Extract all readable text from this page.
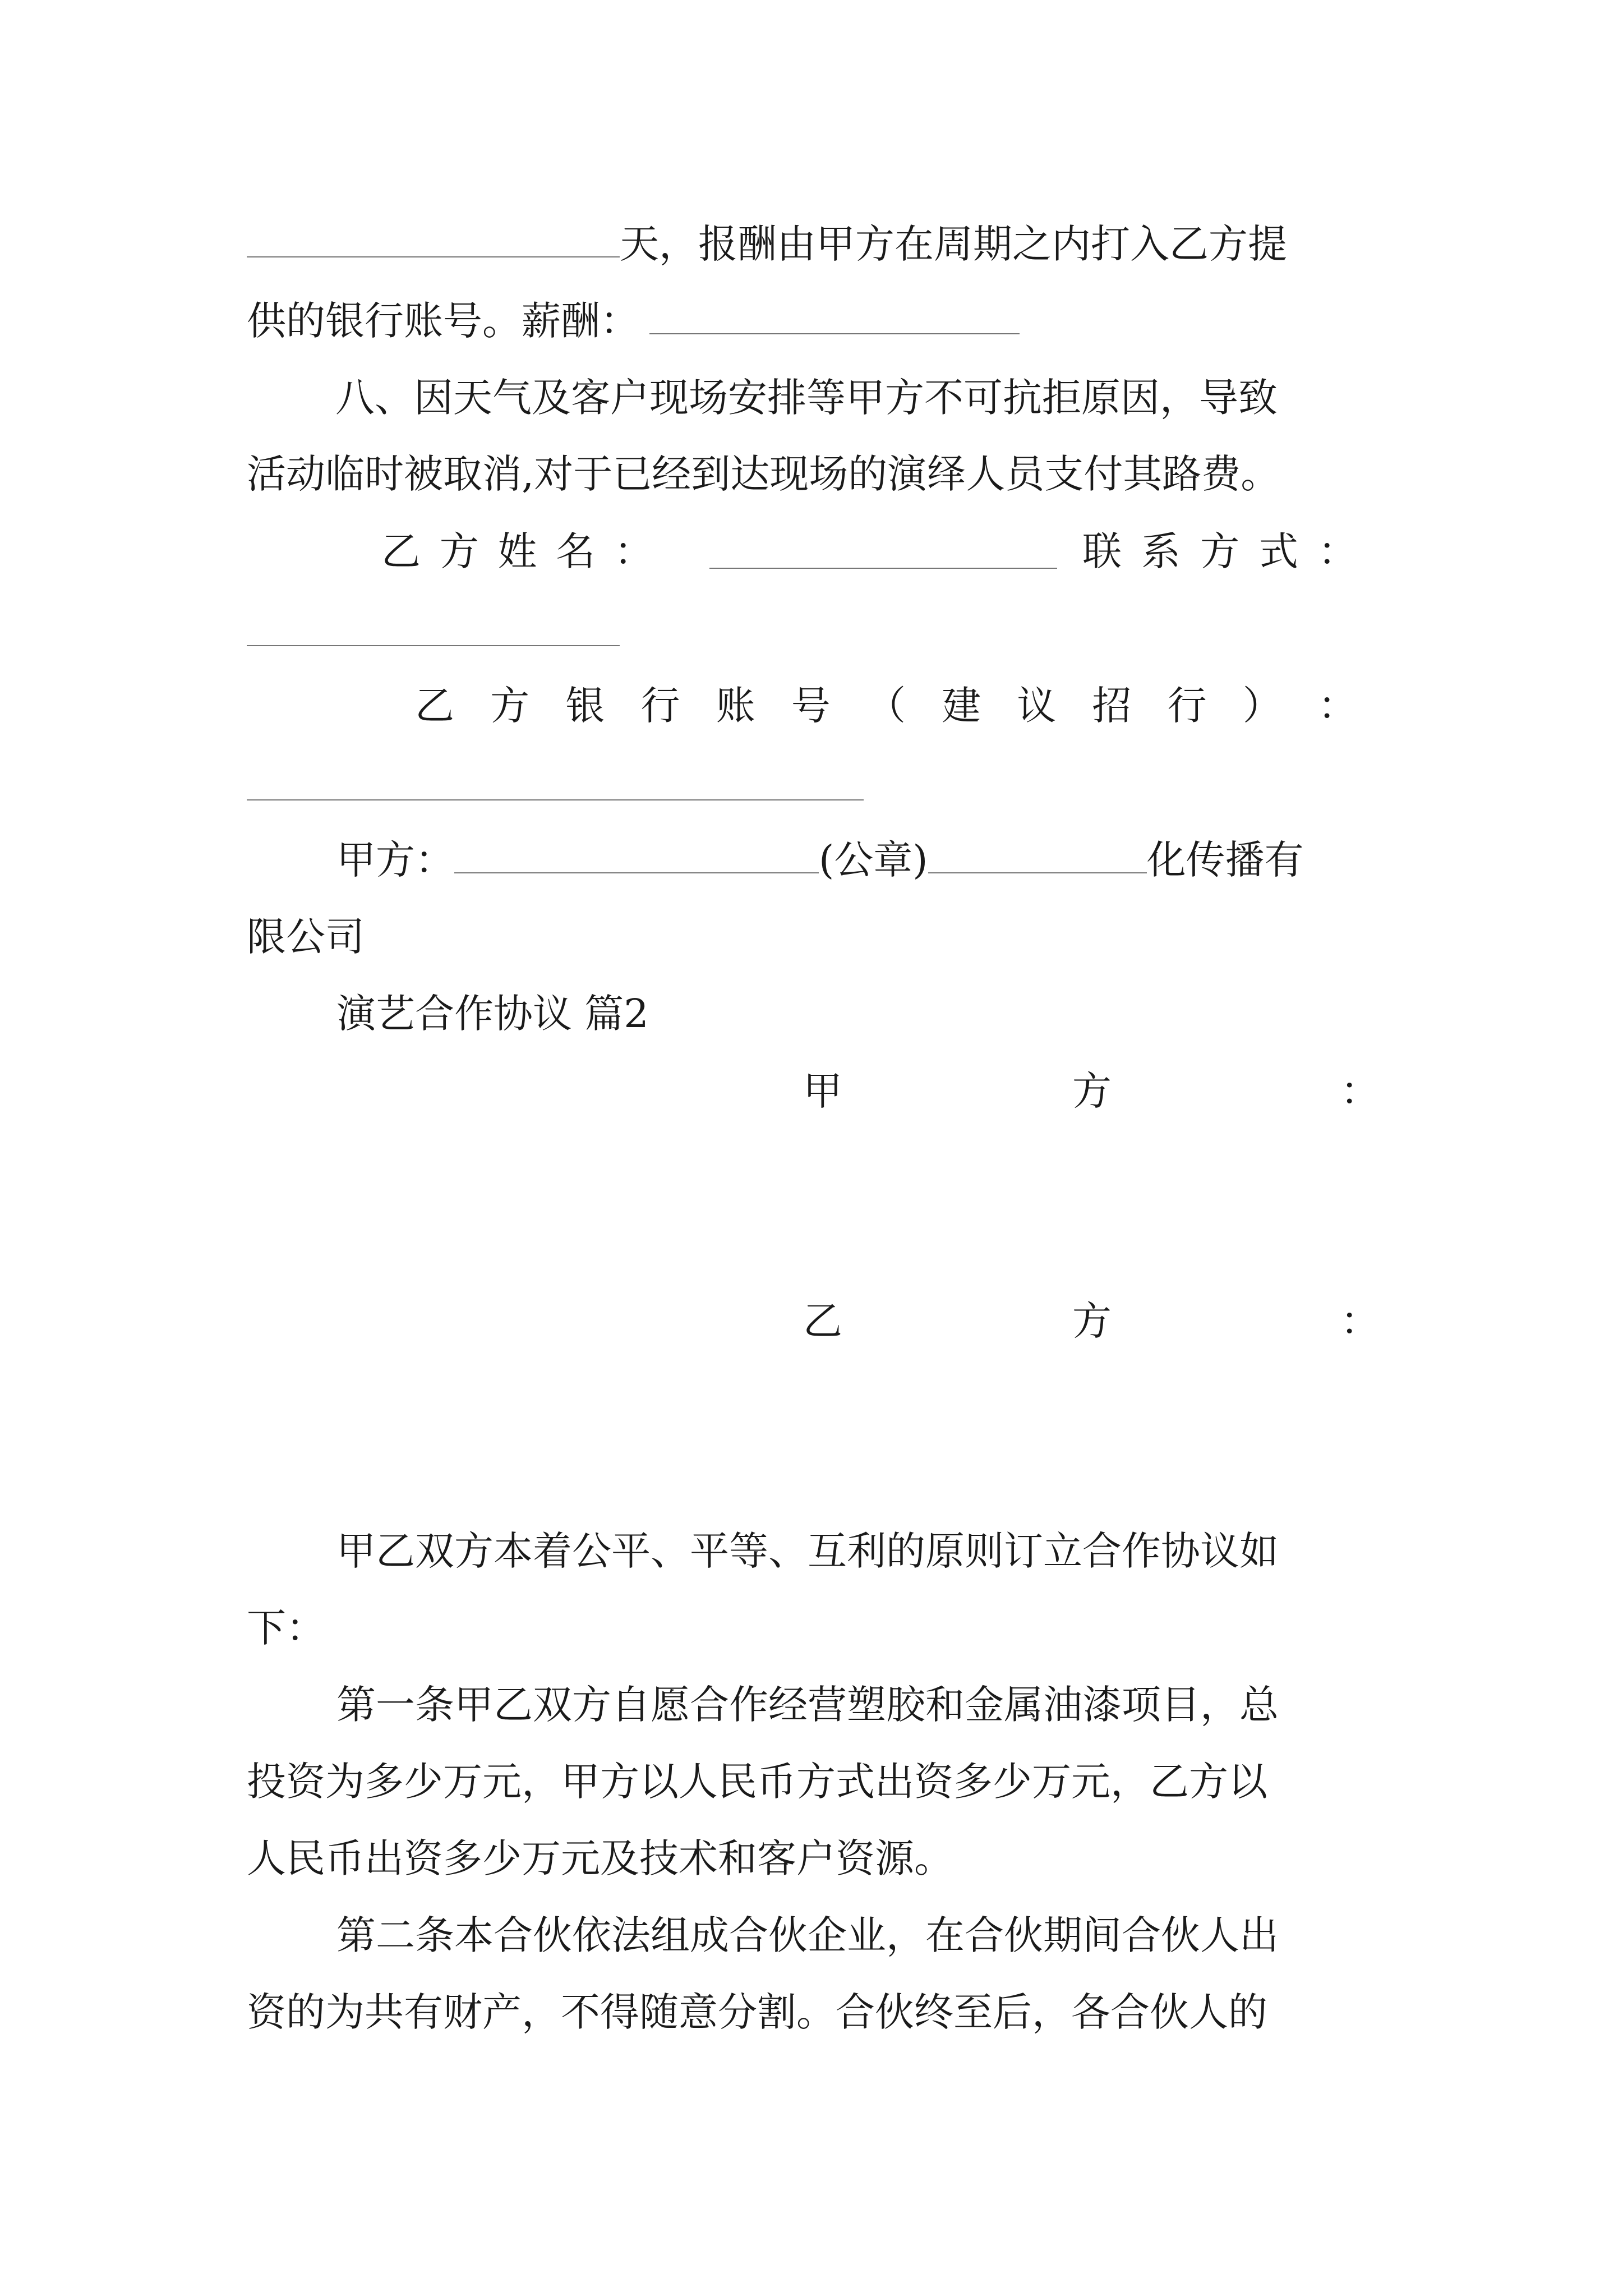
天，报酬由甲方在周期之内打入乙方提
供的银行账号。薪酬：
八、因天气及客户现场安排等甲方不可抗拒原因，导致
活动临时被取消,对于已经到达现场的演绎人员支付其路费。
乙 方 姓 名 ：	联 系 方 式 ：
乙 方 银 行 账 号 （ 建 议 招 行 ） ：
甲方：	(公章)	化传播有
限公司
演艺合作协议 篇2
甲	方	：
乙	方	：
甲乙双方本着公平、平等、互利的原则订立合作协议如
下：
第一条甲乙双方自愿合作经营塑胶和金属油漆项目，总
投资为多少万元，甲方以人民币方式出资多少万元，乙方以
人民币出资多少万元及技术和客户资源。
第二条本合伙依法组成合伙企业，在合伙期间合伙人出
资的为共有财产，不得随意分割。合伙终至后，各合伙人的
